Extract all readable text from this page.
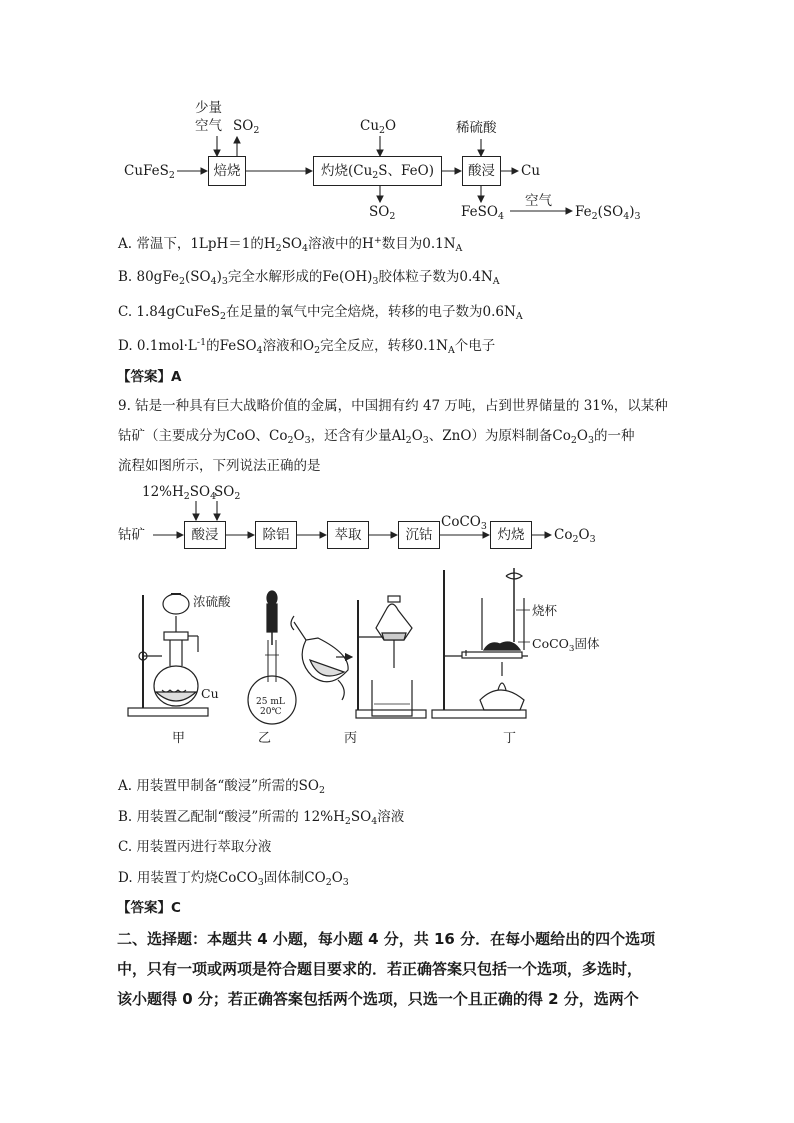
CuFeS$_2$
少量
空气 $SO_2$
焙烧
$Cu_2O$
灼烧($Cu_2S$、FeO)
$SO_2$
稀硫酸
酸浸	Cu
FeSO$_4$
空气
$Fe_2(SO_4)_3$
A. 常温下，1LpH＝1的$H_2SO_4$溶液中的H+数目为$0.1N_A$
B. $80gFe_2(SO_4)_3$完全水解形成的$Fe(OH)_3$胶体粒子数为$0.4N_A$
C. 1.84gCuFeS$_2$在足量的氧气中完全焙烧，转移的电子数为$0.6N_A$
D. $0.1mol\cdot L^{-1}$的FeSO$_4$溶液和$O_2$完全反应，转移$0.1N_A$个电子
【答案】A
9. 钴是一种具有巨大战略价值的金属，中国拥有约 47 万吨，占到世界储量的 31%，以某种
钴矿（主要成分为CoO、$Co_2O_3$，还含有少量$Al_2O_3$、ZnO）为原料制备$Co_2O_3$的一种
流程如图所示，下列说法正确的是
$12\%H_2SO_4$
$SO_2$
钴矿	酸浸	除铝	萃取	沉钴
CoCO$_3$
灼烧	$Co_2O_3$
浓硫酸
Cu
25 mL
20℃
烧杯
CoCO$_3$固体
甲	乙	丙	丁
A. 用装置甲制备“酸浸”所需的$SO_2$
B. 用装置乙配制“酸浸”所需的 $12\%H_2SO_4$溶液
C. 用装置丙进行萃取分液
D. 用装置丁灼烧CoCO$_3$固体制$CO_2O_3$
【答案】C
二、选择题：本题共 4 小题，每小题 4 分，共 16 分．在每小题给出的四个选项
中，只有一项或两项是符合题目要求的．若正确答案只包括一个选项，多选时，
该小题得 0 分；若正确答案包括两个选项，只选一个且正确的得 2 分，选两个
